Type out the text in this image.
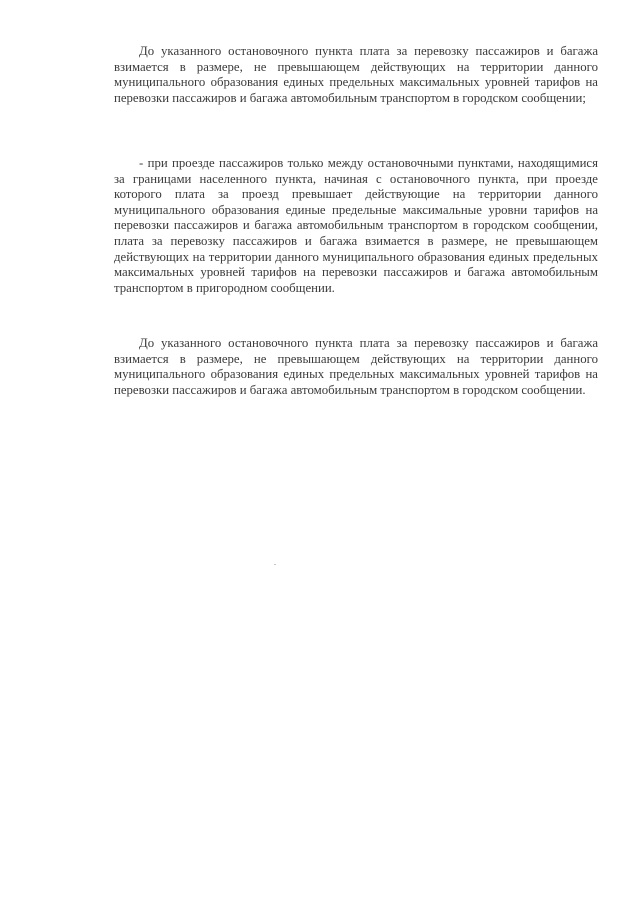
До указанного остановочного пункта плата за перевозку пассажиров и багажа взимается в размере, не превышающем действующих на территории данного муниципального образования единых предельных максимальных уровней тарифов на перевозки пассажиров и багажа автомобильным транспортом в городском сообщении;

- при проезде пассажиров только между остановочными пунктами, находящимися за границами населенного пункта, начиная с остановочного пункта, при проезде которого плата за проезд превышает действующие на территории данного муниципального образования единые предельные максимальные уровни тарифов на перевозки пассажиров и багажа автомобильным транспортом в городском сообщении, плата за перевозку пассажиров и багажа взимается в размере, не превышающем действующих на территории данного муниципального образования единых предельных максимальных уровней тарифов на перевозки пассажиров и багажа автомобильным транспортом в пригородном сообщении.

До указанного остановочного пункта плата за перевозку пассажиров и багажа взимается в размере, не превышающем действующих на территории данного муниципального образования единых предельных максимальных уровней тарифов на перевозки пассажиров и багажа автомобильным транспортом в городском сообщении.
